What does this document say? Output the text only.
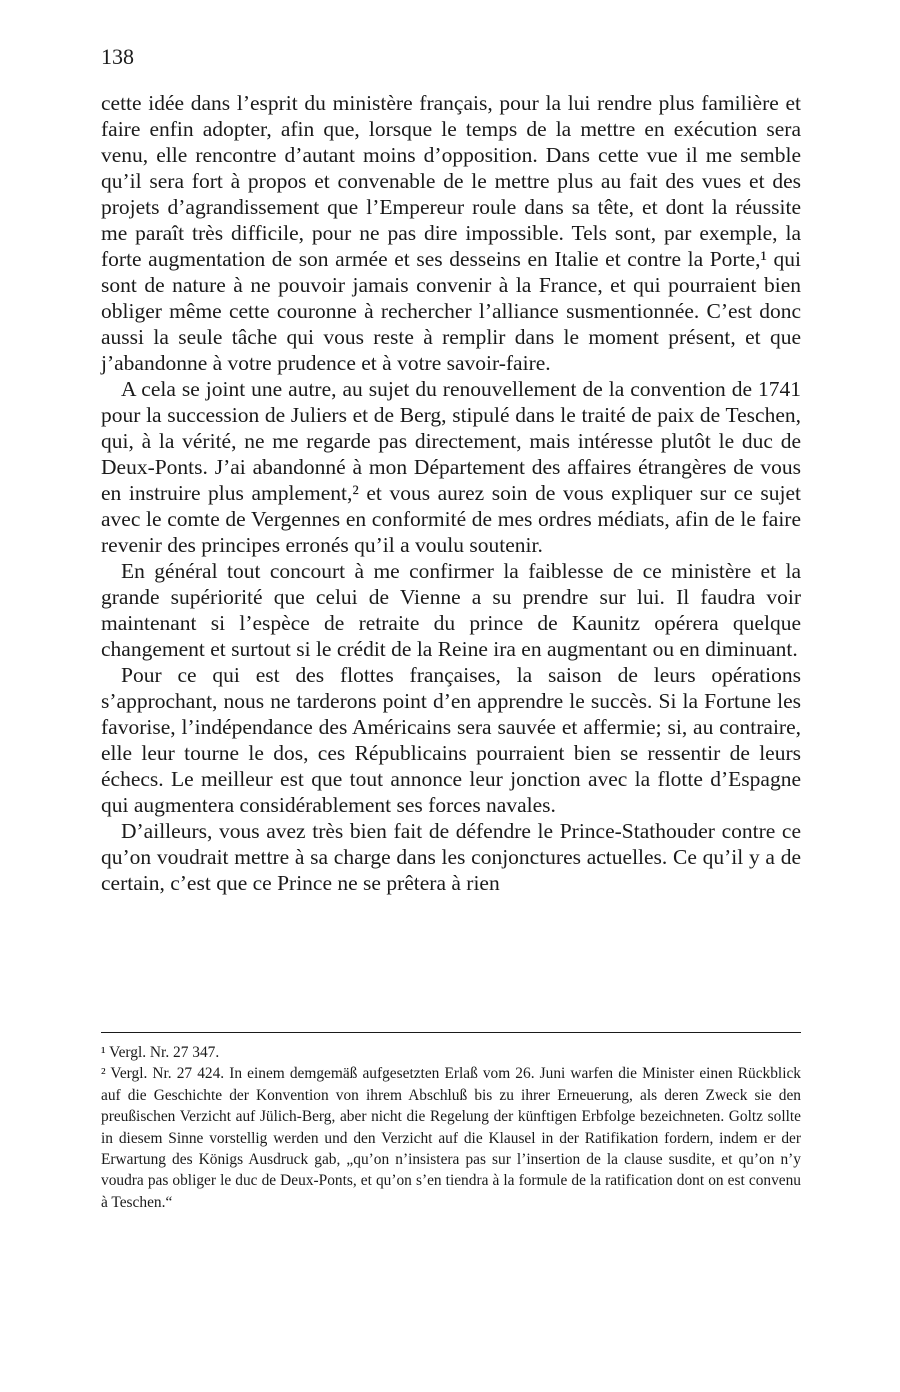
138

cette idée dans l’esprit du ministère français, pour la lui rendre plus familière et faire enfin adopter, afin que, lorsque le temps de la mettre en exécution sera venu, elle rencontre d’autant moins d’opposition. Dans cette vue il me semble qu’il sera fort à propos et convenable de le mettre plus au fait des vues et des projets d’agrandissement que l’Empereur roule dans sa tête, et dont la réussite me paraît très difficile, pour ne pas dire impossible. Tels sont, par exemple, la forte augmentation de son armée et ses desseins en Italie et contre la Porte,¹ qui sont de nature à ne pouvoir jamais convenir à la France, et qui pourraient bien obliger même cette couronne à rechercher l’alliance susmentionnée. C’est donc aussi la seule tâche qui vous reste à remplir dans le moment présent, et que j’abandonne à votre prudence et à votre savoir-faire.

A cela se joint une autre, au sujet du renouvellement de la convention de 1741 pour la succession de Juliers et de Berg, stipulé dans le traité de paix de Teschen, qui, à la vérité, ne me regarde pas directement, mais intéresse plutôt le duc de Deux-Ponts. J’ai abandonné à mon Département des affaires étrangères de vous en instruire plus amplement,² et vous aurez soin de vous expliquer sur ce sujet avec le comte de Vergennes en conformité de mes ordres médiats, afin de le faire revenir des principes erronés qu’il a voulu soutenir.

En général tout concourt à me confirmer la faiblesse de ce ministère et la grande supériorité que celui de Vienne a su prendre sur lui. Il faudra voir maintenant si l’espèce de retraite du prince de Kaunitz opérera quelque changement et surtout si le crédit de la Reine ira en augmentant ou en diminuant.

Pour ce qui est des flottes françaises, la saison de leurs opérations s’approchant, nous ne tarderons point d’en apprendre le succès. Si la Fortune les favorise, l’indépendance des Américains sera sauvée et affermie; si, au contraire, elle leur tourne le dos, ces Républicains pourraient bien se ressentir de leurs échecs. Le meilleur est que tout annonce leur jonction avec la flotte d’Espagne qui augmentera considérablement ses forces navales.

D’ailleurs, vous avez très bien fait de défendre le Prince-Stathouder contre ce qu’on voudrait mettre à sa charge dans les conjonctures actuelles. Ce qu’il y a de certain, c’est que ce Prince ne se prêtera à rien

¹ Vergl. Nr. 27 347.

² Vergl. Nr. 27 424. In einem demgemäß aufgesetzten Erlaß vom 26. Juni warfen die Minister einen Rückblick auf die Geschichte der Konvention von ihrem Abschluß bis zu ihrer Erneuerung, als deren Zweck sie den preußischen Verzicht auf Jülich-Berg, aber nicht die Regelung der künftigen Erbfolge bezeichneten. Goltz sollte in diesem Sinne vorstellig werden und den Verzicht auf die Klausel in der Ratifikation fordern, indem er der Erwartung des Königs Ausdruck gab, „qu’on n’insistera pas sur l’insertion de la clause susdite, et qu’on n’y voudra pas obliger le duc de Deux-Ponts, et qu’on s’en tiendra à la formule de la ratification dont on est convenu à Teschen.“
